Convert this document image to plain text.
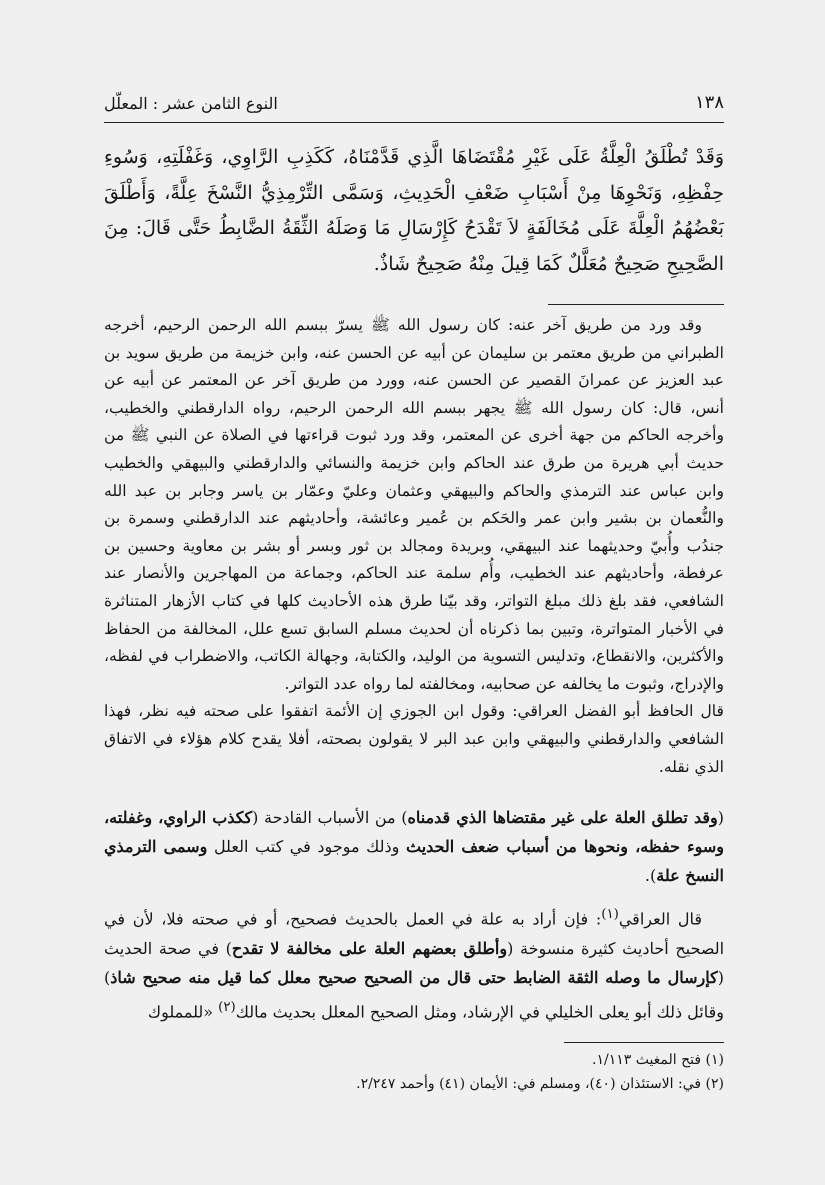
١٣٨
النوع الثامن عشر : المعلّل

وَقَدْ تُطْلَقُ الْعِلَّةُ عَلَى غَيْرِ مُقْتَضَاهَا الَّذِي قَدَّمْنَاهُ، كَكَذِبِ الرَّاوِي، وَغَفْلَتِهِ، وَسُوءِ حِفْظِهِ، وَنَحْوِهَا مِنْ أَسْبَابِ ضَعْفِ الْحَدِيثِ، وَسَمَّى التِّرْمِذِيُّ النَّسْخَ عِلَّةً، وَأَطْلَقَ بَعْضُهُمُ الْعِلَّةَ عَلَى مُخَالَفَةٍ لاَ تَقْدَحُ كَإِرْسَالِ مَا وَصَلَهُ الثِّقَةُ الضَّابِطُ حَتَّى قَالَ: مِنَ الصَّحِيحِ صَحِيحٌ مُعَلَّلٌ كَمَا قِيلَ مِنْهُ صَحِيحٌ شَاذٌ.

وقد ورد من طريق آخر عنه: كان رسول الله ﷺ يسرّ ببسم الله الرحمن الرحيم، أخرجه الطبراني من طريق معتمر بن سليمان عن أبيه عن الحسن عنه، وابن خزيمة من طريق سويد بن عبد العزيز عن عمرانَ القصير عن الحسن عنه، وورد من طريق آخر عن المعتمر عن أبيه عن أنس، قال: كان رسول الله ﷺ يجهر ببسم الله الرحمن الرحيم، رواه الدارقطني والخطيب، وأخرجه الحاكم من جهة أخرى عن المعتمر، وقد ورد ثبوت قراءتها في الصلاة عن النبي ﷺ من حديث أبي هريرة من طرق عند الحاكم وابن خزيمة والنسائي والدارقطني والبيهقي والخطيب وابن عباس عند الترمذي والحاكم والبيهقي وعثمان وعليّ وعمّار بن ياسر وجابر بن عبد الله والنُّعمان بن بشير وابن عمر والحَكم بن عُمير وعائشة، وأحاديثهم عند الدارقطني وسمرة بن جندُب وأُبيّ وحديثهما عند البيهقي، وبريدة ومجالد بن ثور وبسر أو بشر بن معاوية وحسين بن عرفطة، وأحاديثهم عند الخطيب، وأُم سلمة عند الحاكم، وجماعة من المهاجرين والأنصار عند الشافعي، فقد بلغ ذلك مبلغ التواتر، وقد بيّنا طرق هذه الأحاديث كلها في كتاب الأزهار المتناثرة في الأخبار المتواترة، وتبين بما ذكرناه أن لحديث مسلم السابق تسع علل، المخالفة من الحفاظ والأكثرين، والانقطاع، وتدليس التسوية من الوليد، والكتابة، وجهالة الكاتب، والاضطراب في لفظه، والإدراج، وثبوت ما يخالفه عن صحابيه، ومخالفته لما رواه عدد التواتر.

قال الحافظ أبو الفضل العراقي: وقول ابن الجوزي إن الأئمة اتفقوا على صحته فيه نظر، فهذا الشافعي والدارقطني والبيهقي وابن عبد البر لا يقولون بصحته، أفلا يقدح كلام هؤلاء في الاتفاق الذي نقله.

(وقد تطلق العلة على غير مقتضاها الذي قدمناه) من الأسباب القادحة (ككذب الراوي، وغفلته، وسوء حفظه، ونحوها من أسباب ضعف الحديث وذلك موجود في كتب العلل وسمى الترمذي النسخ علة).

قال العراقي$^{(١)}$: فإن أراد به علة في العمل بالحديث فصحيح، أو في صحته فلا، لأن في الصحيح أحاديث كثيرة منسوخة (وأطلق بعضهم العلة على مخالفة لا تقدح) في صحة الحديث (كإرسال ما وصله الثقة الضابط حتى قال من الصحيح صحيح معلل كما قيل منه صحيح شاذ) وقائل ذلك أبو يعلى الخليلي في الإرشاد، ومثل الصحيح المعلل بحديث مالك$^{(٢)}$ «للمملوك

(١) فتح المغيث ١/١١٣.
(٢) في: الاستئذان (٤٠)، ومسلم في: الأيمان (٤١) وأحمد ٢/٢٤٧.
